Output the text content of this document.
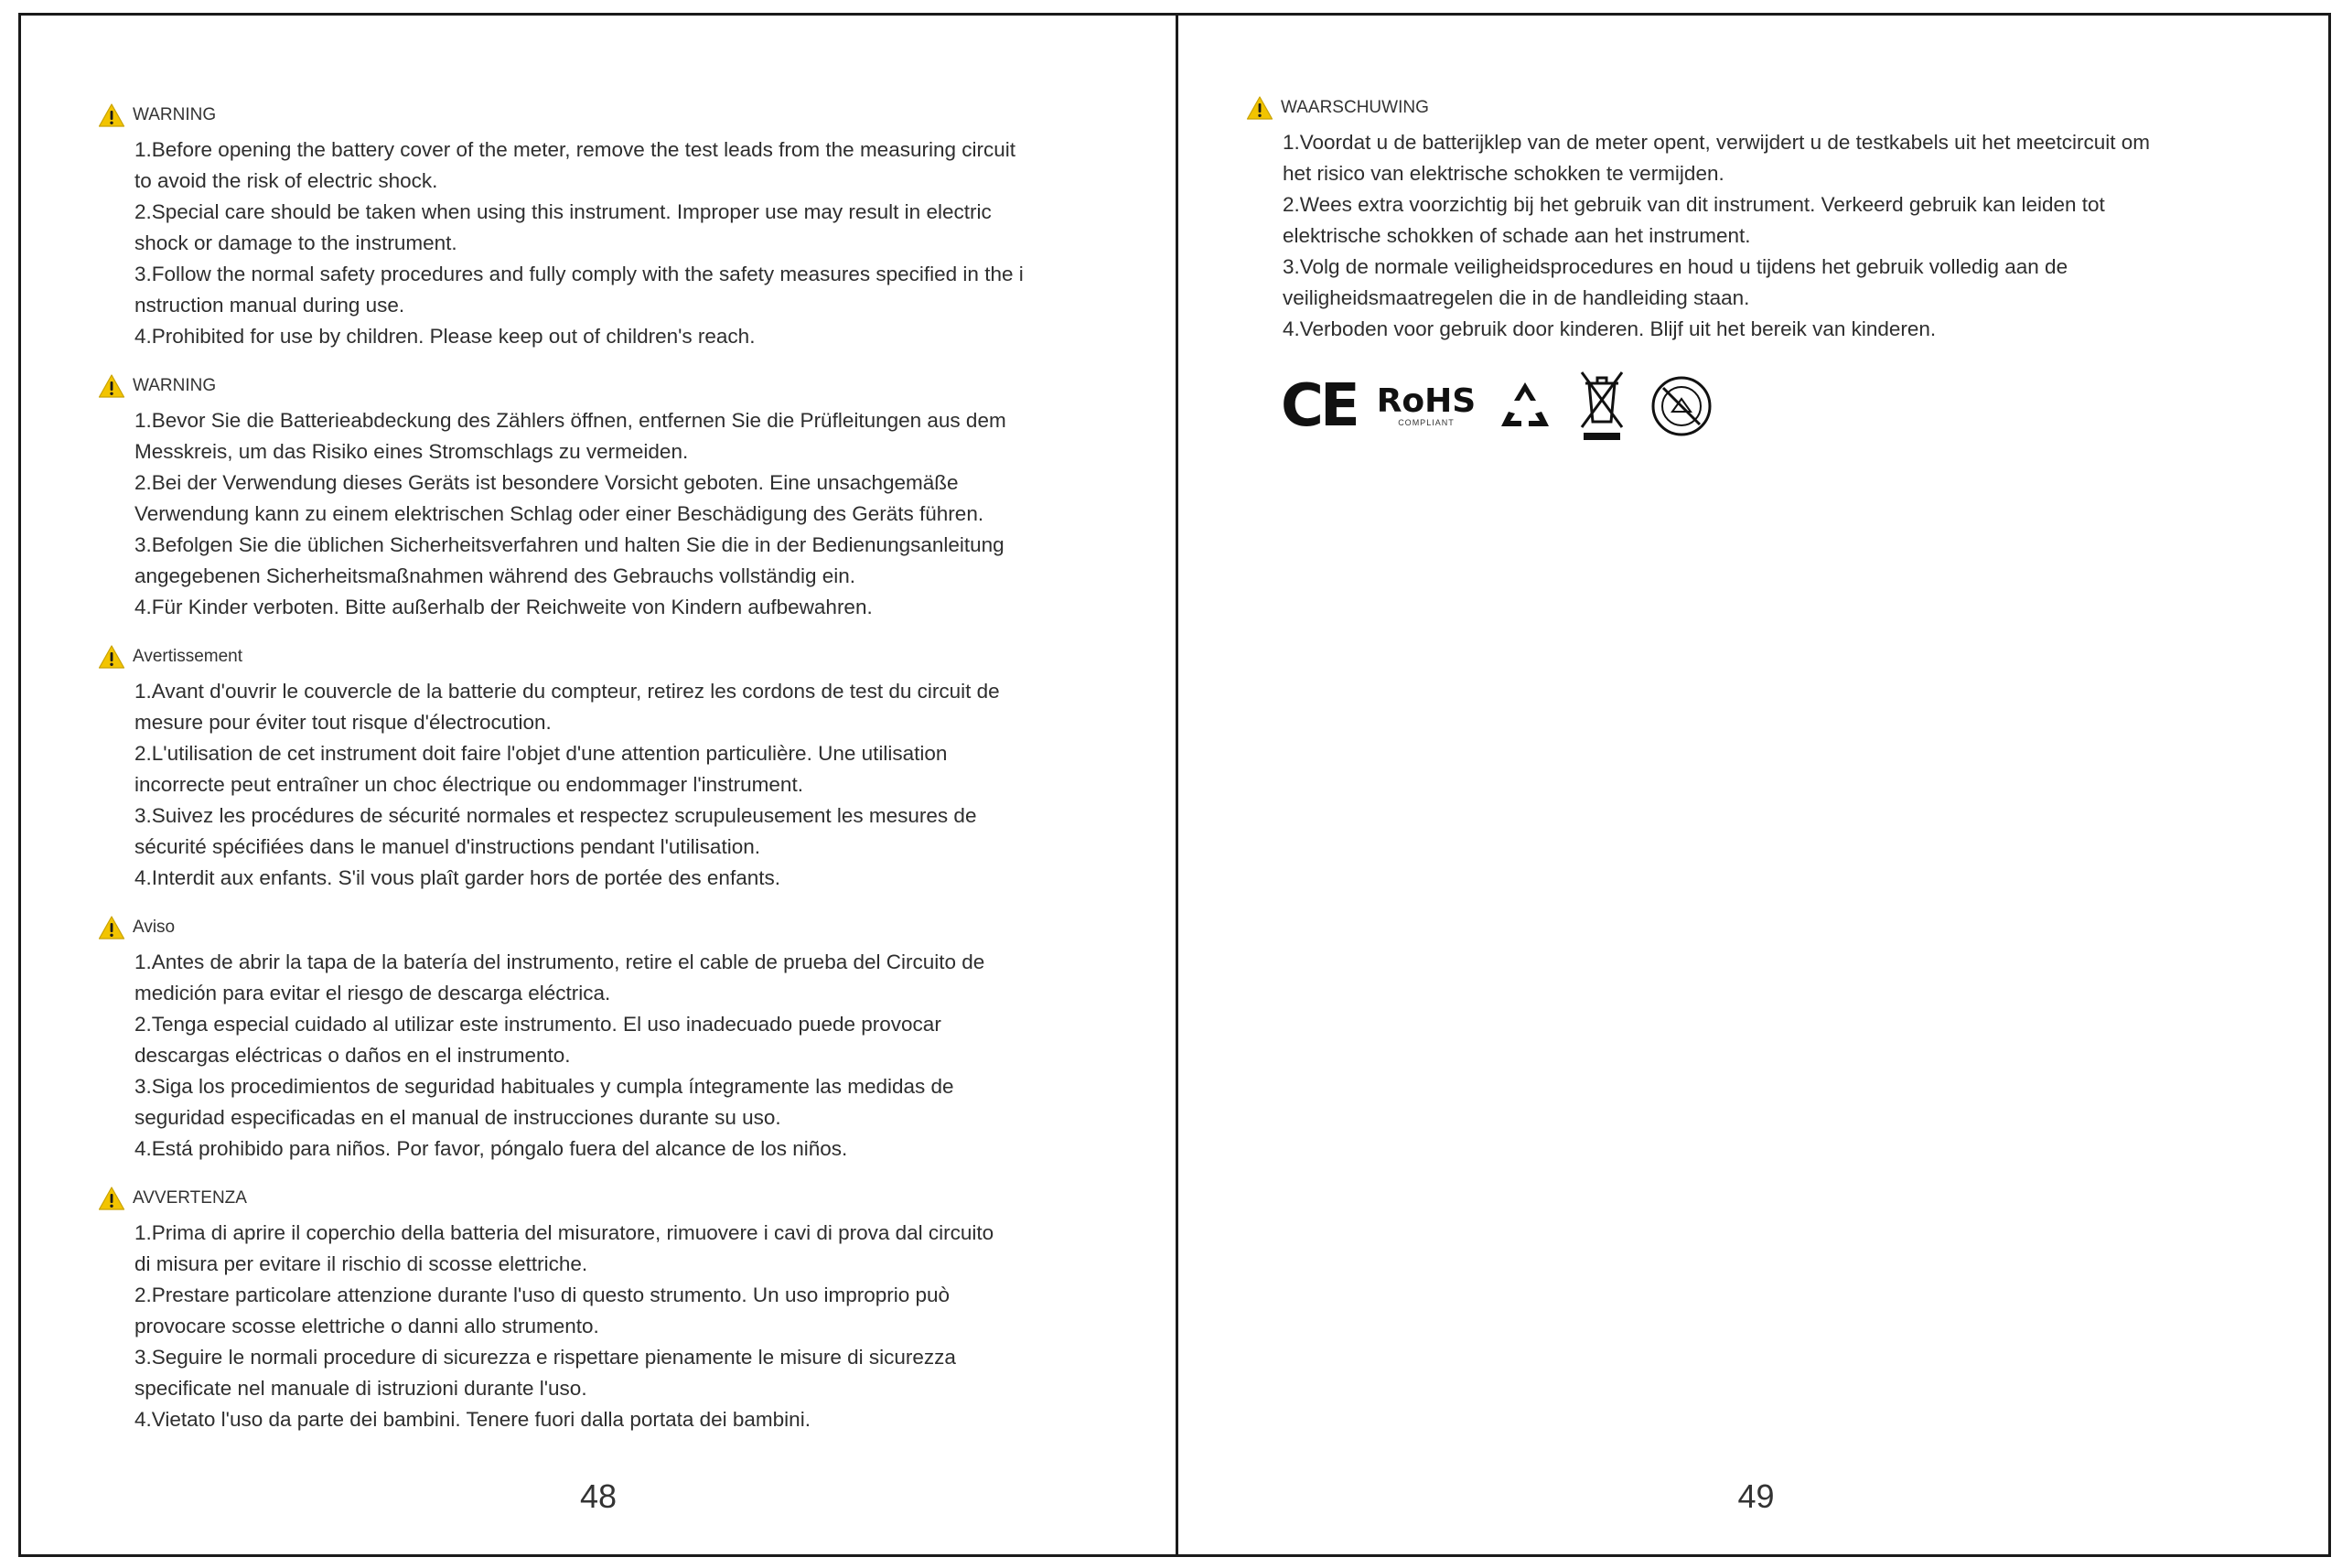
WARNING

1.Before opening the battery cover of the meter, remove the test leads from the measuring circuit

to avoid the risk of electric shock.

2.Special care should be taken when using this instrument. Improper use may result in electric

shock or damage to the instrument.

3.Follow the normal safety procedures and fully comply with the safety measures specified in the i

nstruction manual during use.

4.Prohibited for use by children. Please keep out of children's reach.

WARNING

1.Bevor Sie die Batterieabdeckung des Zählers öffnen, entfernen Sie die Prüfleitungen aus dem

Messkreis, um das Risiko eines Stromschlags zu vermeiden.

2.Bei der Verwendung dieses Geräts ist besondere Vorsicht geboten. Eine unsachgemäße

Verwendung kann zu einem elektrischen Schlag oder einer Beschädigung des Geräts führen.

3.Befolgen Sie die üblichen Sicherheitsverfahren und halten Sie die in der Bedienungsanleitung

angegebenen Sicherheitsmaßnahmen während des Gebrauchs vollständig ein.

4.Für Kinder verboten. Bitte außerhalb der Reichweite von Kindern aufbewahren.

Avertissement

1.Avant d'ouvrir le couvercle de la batterie du compteur, retirez les cordons de test du circuit de

mesure pour éviter tout risque d'électrocution.

2.L'utilisation de cet instrument doit faire l'objet d'une attention particulière. Une utilisation

incorrecte peut entraîner un choc électrique ou endommager l'instrument.

3.Suivez les procédures de sécurité normales et respectez scrupuleusement les mesures de

sécurité spécifiées dans le manuel d'instructions pendant l'utilisation.

4.Interdit aux enfants. S'il vous plaît garder hors de portée des enfants.

Aviso

1.Antes de abrir la tapa de la batería del instrumento, retire el cable de prueba del Circuito de

medición para evitar el riesgo de descarga eléctrica.

2.Tenga especial cuidado al utilizar este instrumento. El uso inadecuado puede provocar

descargas eléctricas o daños en el instrumento.

3.Siga los procedimientos de seguridad habituales y cumpla íntegramente las medidas de

seguridad especificadas en el manual de instrucciones durante su uso.

4.Está prohibido para niños. Por favor, póngalo fuera del alcance de los niños.

AVVERTENZA

1.Prima di aprire il coperchio della batteria del misuratore, rimuovere i cavi di prova dal circuito

di misura per evitare il rischio di scosse elettriche.

2.Prestare particolare attenzione durante l'uso di questo strumento. Un uso improprio può

provocare scosse elettriche o danni allo strumento.

3.Seguire le normali procedure di sicurezza e rispettare pienamente le misure di sicurezza

specificate nel manuale di istruzioni durante l'uso.

4.Vietato l'uso da parte dei bambini. Tenere fuori dalla portata dei bambini.

48
WAARSCHUWING

1.Voordat u de batterijklep van de meter opent, verwijdert u de testkabels uit het meetcircuit om

het risico van elektrische schokken te vermijden.

2.Wees extra voorzichtig bij het gebruik van dit instrument. Verkeerd gebruik kan leiden tot

elektrische schokken of schade aan het instrument.

3.Volg de normale veiligheidsprocedures en houd u tijdens het gebruik volledig aan de

veiligheidsmaatregelen die in de handleiding staan.

4.Verboden voor gebruik door kinderen. Blijf uit het bereik van kinderen.

CE RoHS
COMPLIANT
49
